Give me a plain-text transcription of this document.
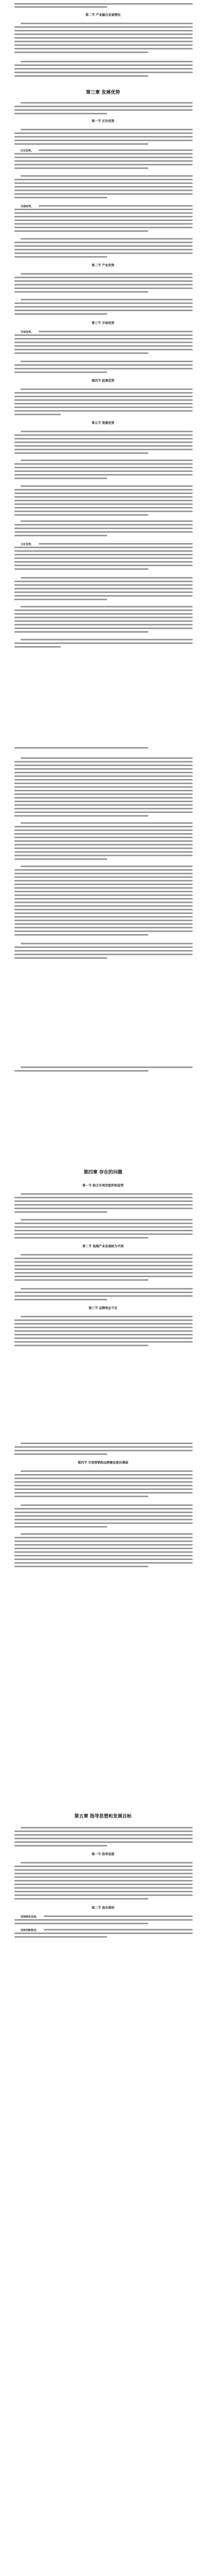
第二节 产业融合发展情况
第三章 发展优势
第一节 区位优势
区位优势。
交通优势。
第二节 产业优势
第三节 市场优势
市场优势。
第四节 政策优势
第五节 资源优势
文化优势。
第四章 存在的问题
第一节 缺乏有效的组织和监管
第二节 低端产业发展较为平淡
第三节 品牌效应不足
第四节 市场营销和品牌建设意识薄弱
第五章 指导思想和发展目标
第一节 指导思想
第二节 基本原则
坚持绿色发展。
坚持创新驱动。
